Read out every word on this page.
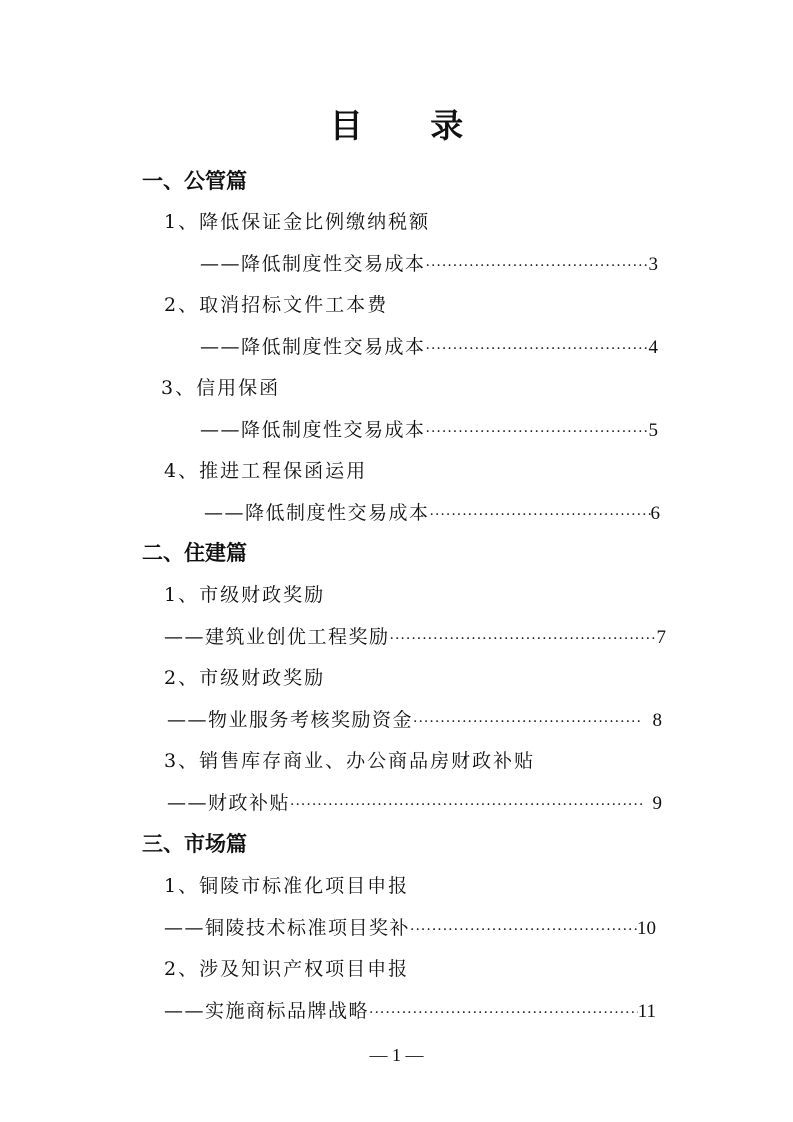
目 录
一、公管篇
1、降低保证金比例缴纳税额
——降低制度性交易成本 ·····	3
2、取消招标文件工本费
——降低制度性交易成本 ·····	4
3、信用保函
——降低制度性交易成本 ·····	5
4、推进工程保函运用
——降低制度性交易成本 ·····	6
二、住建篇
1、市级财政奖励
——建筑业创优工程奖励 ·····	7
2、市级财政奖励
——物业服务考核奖励资金 ·····	8
3、销售库存商业、办公商品房财政补贴
——财政补贴 ·····	9
三、市场篇
1、铜陵市标准化项目申报
——铜陵技术标准项目奖补 ·····	10
2、涉及知识产权项目申报
——实施商标品牌战略 ·····	11
— 1 —
